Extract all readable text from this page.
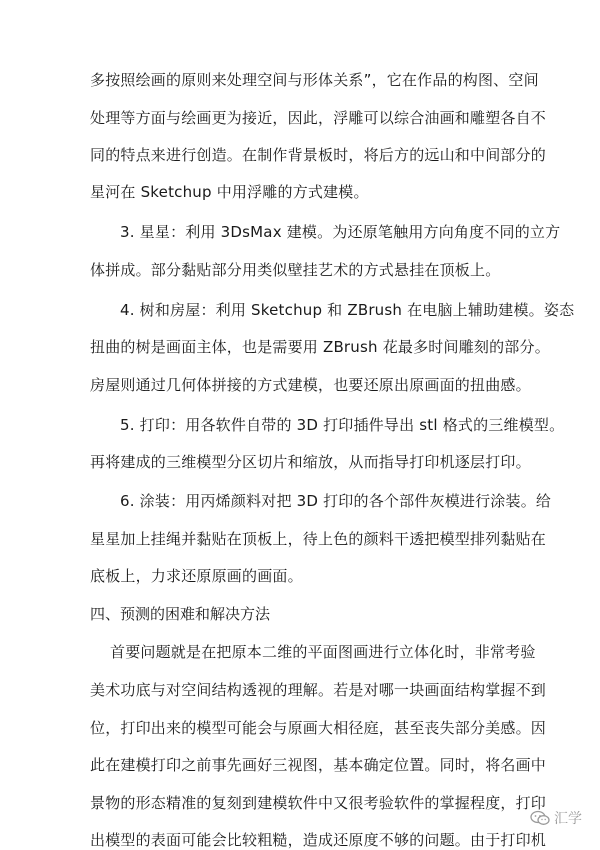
多按照绘画的原则来处理空间与形体关系”，它在作品的构图、空间
处理等方面与绘画更为接近，因此，浮雕可以综合油画和雕塑各自不
同的特点来进行创造。在制作背景板时，将后方的远山和中间部分的
星河在 Sketchup 中用浮雕的方式建模。
3. 星星：利用 3DsMax 建模。为还原笔触用方向角度不同的立方
体拼成。部分黏贴部分用类似壁挂艺术的方式悬挂在顶板上。
4. 树和房屋：利用 Sketchup 和 ZBrush 在电脑上辅助建模。姿态
扭曲的树是画面主体，也是需要用 ZBrush 花最多时间雕刻的部分。
房屋则通过几何体拼接的方式建模，也要还原出原画面的扭曲感。
5. 打印：用各软件自带的 3D 打印插件导出 stl 格式的三维模型。
再将建成的三维模型分区切片和缩放，从而指导打印机逐层打印。
6. 涂装：用丙烯颜料对把 3D 打印的各个部件灰模进行涂装。给
星星加上挂绳并黏贴在顶板上，待上色的颜料干透把模型排列黏贴在
底板上，力求还原原画的画面。
四、预测的困难和解决方法
首要问题就是在把原本二维的平面图画进行立体化时，非常考验
美术功底与对空间结构透视的理解。若是对哪一块画面结构掌握不到
位，打印出来的模型可能会与原画大相径庭，甚至丧失部分美感。因
此在建模打印之前事先画好三视图，基本确定位置。同时，将名画中
景物的形态精准的复刻到建模软件中又很考验软件的掌握程度，打印
出模型的表面可能会比较粗糙，造成还原度不够的问题。由于打印机
汇学
